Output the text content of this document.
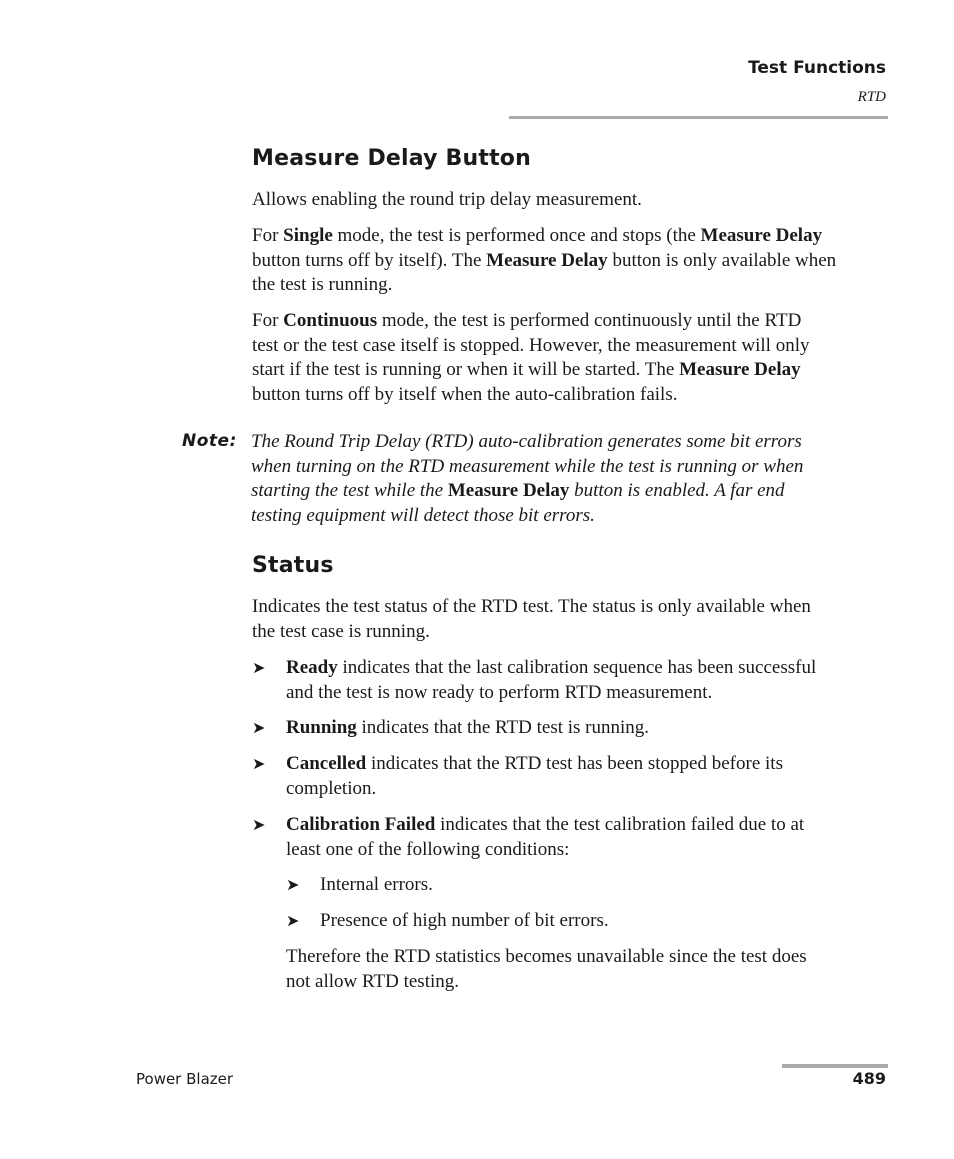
Test Functions
RTD
Measure Delay Button

Allows enabling the round trip delay measurement.

For Single mode, the test is performed once and stops (the Measure Delay
button turns off by itself). The Measure Delay button is only available when
the test is running.

For Continuous mode, the test is performed continuously until the RTD
test or the test case itself is stopped. However, the measurement will only
start if the test is running or when it will be started. The Measure Delay
button turns off by itself when the auto-calibration fails.

Note: The Round Trip Delay (RTD) auto-calibration generates some bit errors
when turning on the RTD measurement while the test is running or when
starting the test while the Measure Delay button is enabled. A far end
testing equipment will detect those bit errors.
Status

Indicates the test status of the RTD test. The status is only available when
the test case is running.

➤ Ready indicates that the last calibration sequence has been successful
and the test is now ready to perform RTD measurement.
➤ Running indicates that the RTD test is running.
➤ Cancelled indicates that the RTD test has been stopped before its
completion.
➤ Calibration Failed indicates that the test calibration failed due to at
least one of the following conditions:
➤ Internal errors.
➤ Presence of high number of bit errors.
Therefore the RTD statistics becomes unavailable since the test does
not allow RTD testing.
Power Blazer	489
